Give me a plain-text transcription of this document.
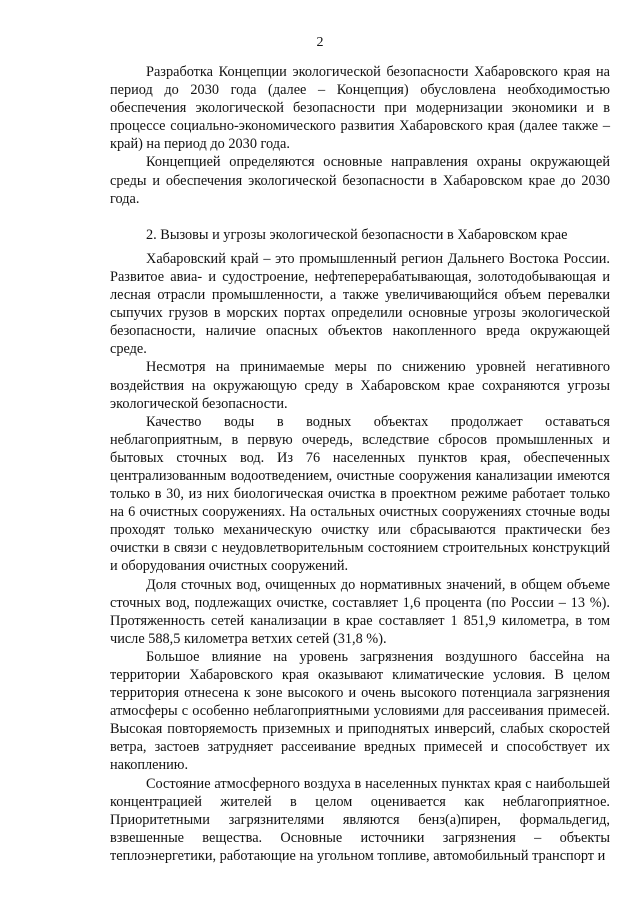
2

Разработка Концепции экологической безопасности Хабаровского края на период до 2030 года (далее – Концепция) обусловлена необходимостью обеспечения экологической безопасности при модернизации экономики и в процессе социально-экономического развития Хабаровского края (далее также – край) на период до 2030 года.

Концепцией определяются основные направления охраны окружающей среды и обеспечения экологической безопасности в Хабаровском крае до 2030 года.

2. Вызовы и угрозы экологической безопасности в Хабаровском крае

Хабаровский край – это промышленный регион Дальнего Востока России. Развитое авиа- и судостроение, нефтеперерабатывающая, золотодобывающая и лесная отрасли промышленности, а также увеличивающийся объем перевалки сыпучих грузов в морских портах определили основные угрозы экологической безопасности, наличие опасных объектов накопленного вреда окружающей среде.

Несмотря на принимаемые меры по снижению уровней негативного воздействия на окружающую среду в Хабаровском крае сохраняются угрозы экологической безопасности.

Качество воды в водных объектах продолжает оставаться неблагоприятным, в первую очередь, вследствие сбросов промышленных и бытовых сточных вод. Из 76 населенных пунктов края, обеспеченных централизованным водоотведением, очистные сооружения канализации имеются только в 30, из них биологическая очистка в проектном режиме работает только на 6 очистных сооружениях. На остальных очистных сооружениях сточные воды проходят только механическую очистку или сбрасываются практически без очистки в связи с неудовлетворительным состоянием строительных конструкций и оборудования очистных сооружений.

Доля сточных вод, очищенных до нормативных значений, в общем объеме сточных вод, подлежащих очистке, составляет 1,6 процента (по России – 13 %). Протяженность сетей канализации в крае составляет 1 851,9 километра, в том числе 588,5 километра ветхих сетей (31,8 %).

Большое влияние на уровень загрязнения воздушного бассейна на территории Хабаровского края оказывают климатические условия. В целом территория отнесена к зоне высокого и очень высокого потенциала загрязнения атмосферы с особенно неблагоприятными условиями для рассеивания примесей. Высокая повторяемость приземных и приподнятых инверсий, слабых скоростей ветра, застоев затрудняет рассеивание вредных примесей и способствует их накоплению.

Состояние атмосферного воздуха в населенных пунктах края с наибольшей концентрацией жителей в целом оценивается как неблагоприятное. Приоритетными загрязнителями являются бенз(а)пирен, формальдегид, взвешенные вещества. Основные источники загрязнения – объекты теплоэнергетики, работающие на угольном топливе, автомобильный транспорт и
